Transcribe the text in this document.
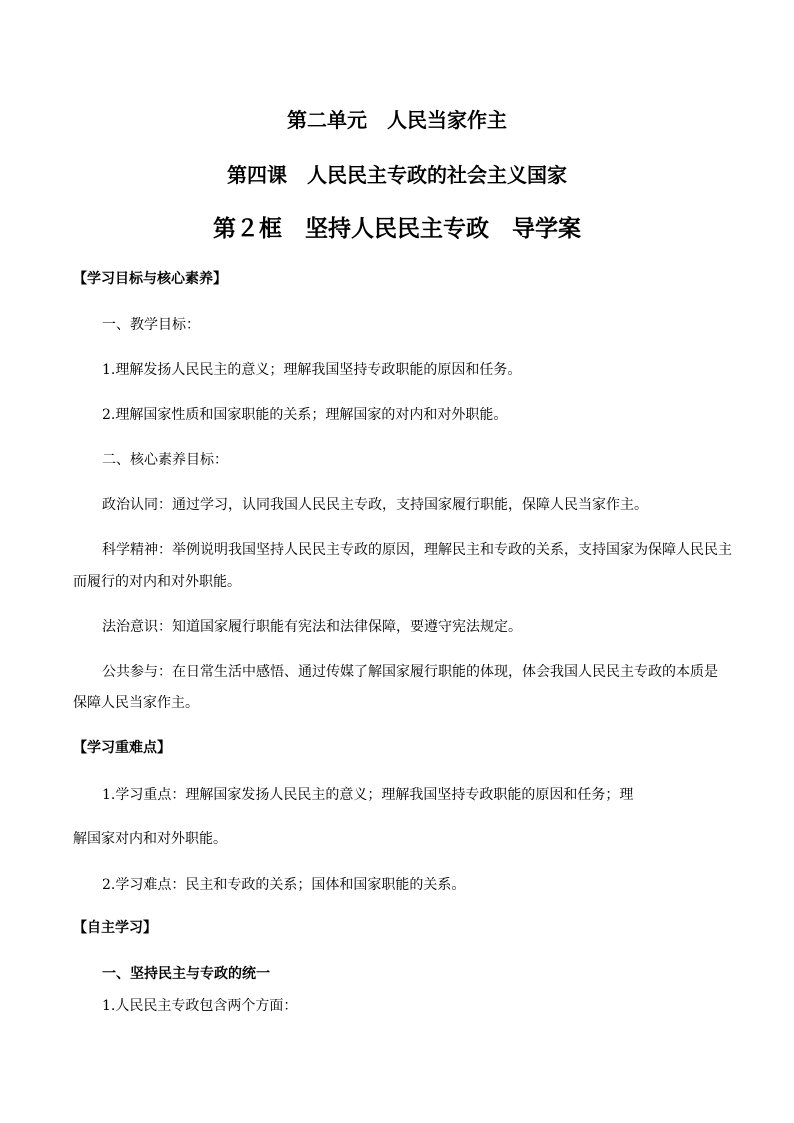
第二单元　人民当家作主
第四课　人民民主专政的社会主义国家
第２框　坚持人民民主专政　导学案

【学习目标与核心素养】

一、教学目标：

1.理解发扬人民民主的意义；理解我国坚持专政职能的原因和任务。

2.理解国家性质和国家职能的关系；理解国家的对内和对外职能。

二、核心素养目标：

政治认同：通过学习，认同我国人民民主专政，支持国家履行职能，保障人民当家作主。

科学精神：举例说明我国坚持人民民主专政的原因，理解民主和专政的关系，支持国家为保障人民民主

而履行的对内和对外职能。

法治意识：知道国家履行职能有宪法和法律保障，要遵守宪法规定。

公共参与：在日常生活中感悟、通过传媒了解国家履行职能的体现，体会我国人民民主专政的本质是

保障人民当家作主。

【学习重难点】

1.学习重点：理解国家发扬人民民主的意义；理解我国坚持专政职能的原因和任务；理

解国家对内和对外职能。

2.学习难点：民主和专政的关系；国体和国家职能的关系。

【自主学习】

一、坚持民主与专政的统一

1.人民民主专政包含两个方面：
